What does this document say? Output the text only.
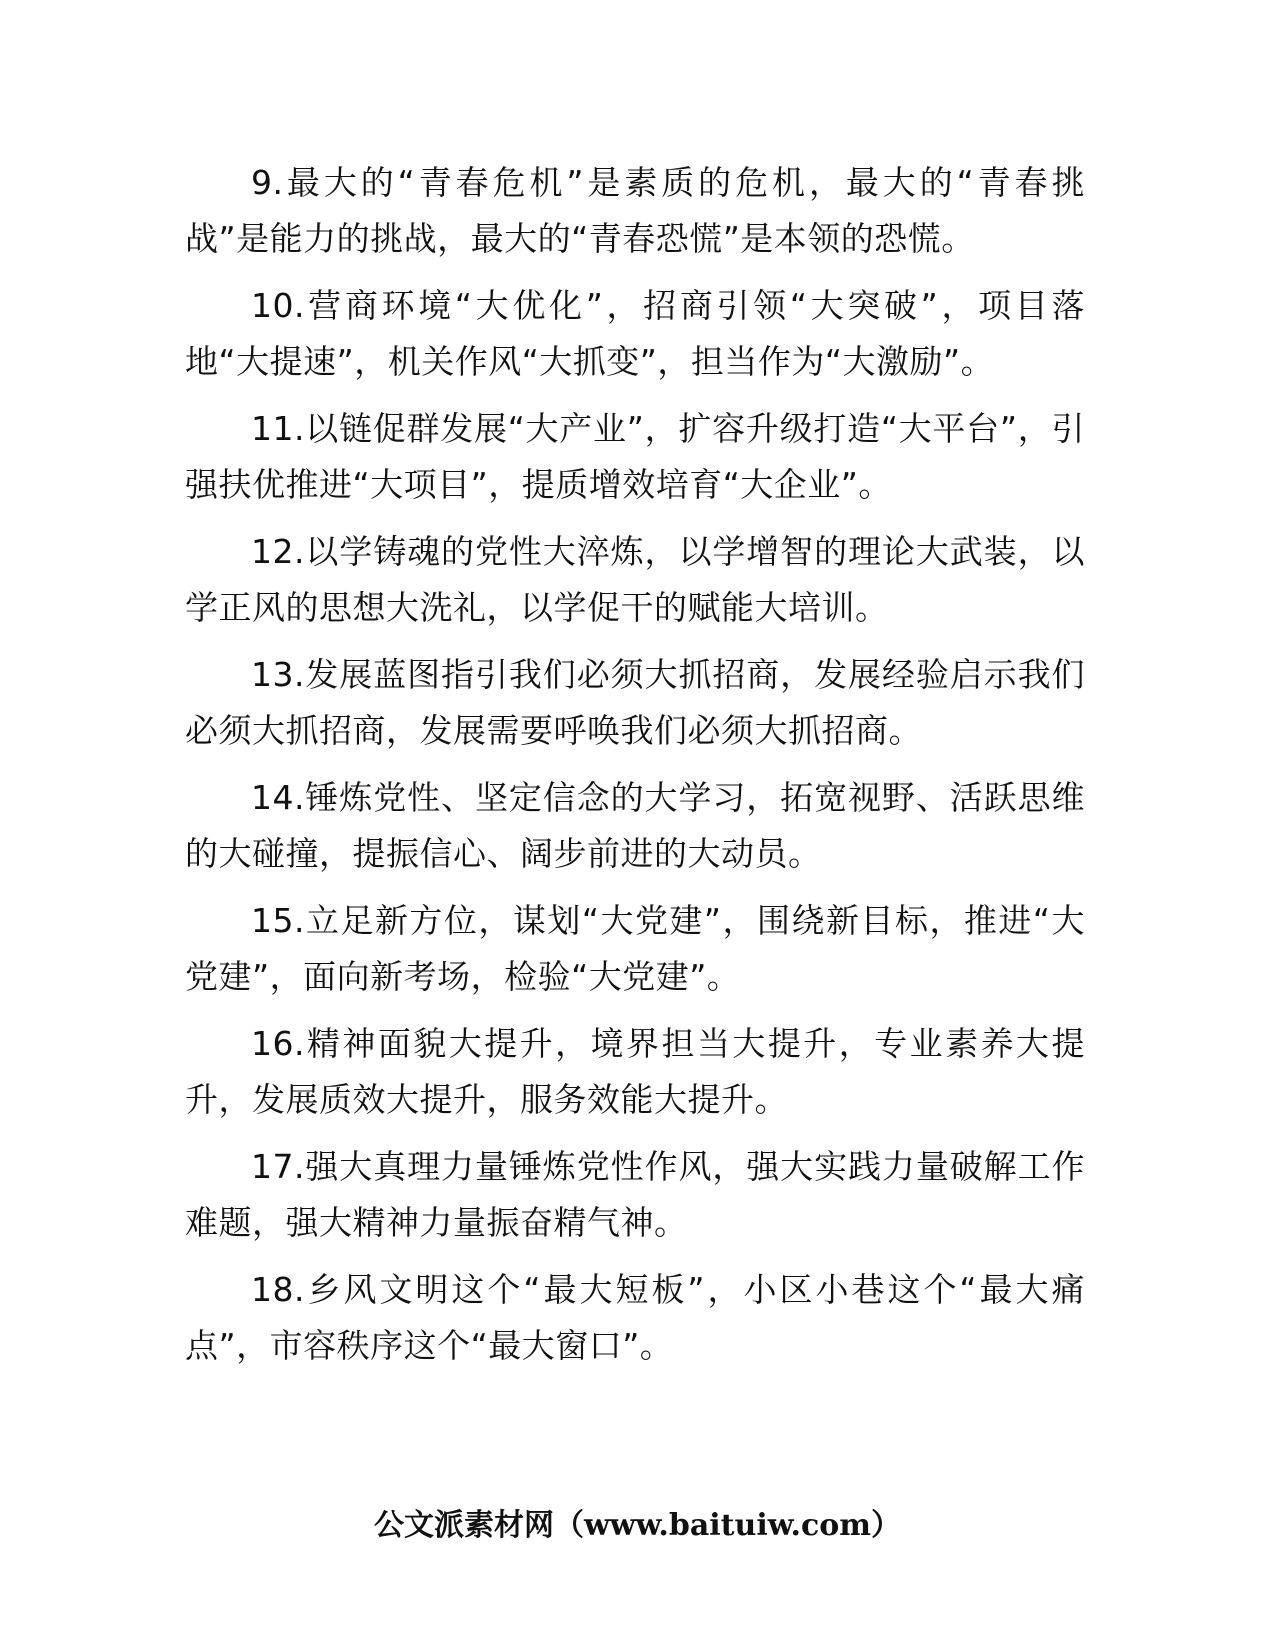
9.最大的“青春危机”是素质的危机，最大的“青春挑战”是能力的挑战，最大的“青春恐慌”是本领的恐慌。

10.营商环境“大优化”，招商引领“大突破”，项目落地“大提速”，机关作风“大抓变”，担当作为“大激励”。

11.以链促群发展“大产业”，扩容升级打造“大平台”，引强扶优推进“大项目”，提质增效培育“大企业”。

12.以学铸魂的党性大淬炼，以学增智的理论大武装，以学正风的思想大洗礼，以学促干的赋能大培训。

13.发展蓝图指引我们必须大抓招商，发展经验启示我们必须大抓招商，发展需要呼唤我们必须大抓招商。

14.锤炼党性、坚定信念的大学习，拓宽视野、活跃思维的大碰撞，提振信心、阔步前进的大动员。

15.立足新方位，谋划“大党建”，围绕新目标，推进“大党建”，面向新考场，检验“大党建”。

16.精神面貌大提升，境界担当大提升，专业素养大提升，发展质效大提升，服务效能大提升。

17.强大真理力量锤炼党性作风，强大实践力量破解工作难题，强大精神力量振奋精气神。

18.乡风文明这个“最大短板”，小区小巷这个“最大痛点”，市容秩序这个“最大窗口”。

公文派素材网（www.baituiw.com）
